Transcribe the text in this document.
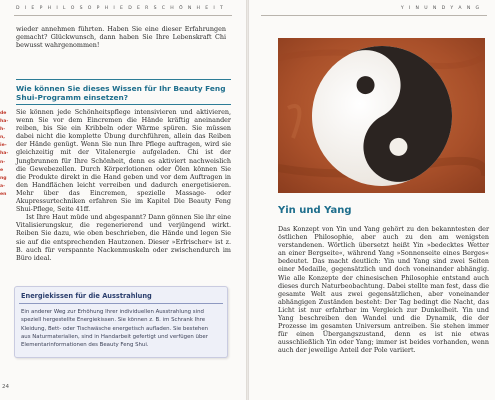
D I E P H I L O S O P H I E D E R S C H Ö N H E I T

wieder annehmen führten. Haben Sie eine dieser Erfahrungen gemacht? Glückwunsch, dann haben Sie Ihre Lebenskraft Chi bewusst wahrgenommen!

Wie können Sie dieses Wissen für Ihr Beauty Feng Shui-Programm einsetzen?
de
ha-
h-
n,
ie-
ha-
n-
e
ng
a-
en

Sie können jede Schönheitspflege intensivieren und aktivieren, wenn Sie vor dem Eincremen die Hände kräftig aneinander reiben, bis Sie ein Kribbeln oder Wärme spüren. Sie müssen dabei nicht die komplette Übung durchführen, allein das Reiben der Hände genügt. Wenn Sie nun Ihre Pflege auftragen, wird sie gleichzeitig mit der Vitalenergie aufgeladen. Chi ist der Jungbrunnen für Ihre Schönheit, denn es aktiviert nachweislich die Gewebezellen. Durch Körperlotionen oder Ölen können Sie die Produkte direkt in die Hand geben und vor dem Auftragen in den Handflächen leicht verreiben und dadurch energetisieren. Mehr über das Eincremen, spezielle Massage- oder Akupressurtechniken erfahren Sie im Kapitel Die Beauty Feng Shui-Pflege, Seite 41ff.

Ist Ihre Haut müde und abgespannt? Dann gönnen Sie ihr eine Vitalisierungskur, die regenerierend und verjüngend wirkt. Reiben Sie dazu, wie oben beschrieben, die Hände und legen Sie sie auf die entsprechenden Hautzonen. Dieser »Erfrischer« ist z. B. auch für verspannte Nackenmuskeln oder zwischendurch im Büro ideal.

Energiekissen für die Ausstrahlung
Ein anderer Weg zur Erhöhung Ihrer individuellen Ausstrahlung sind speziell hergestellte Energiekissen. Sie können z. B. im Schrank Ihre Kleidung, Bett- oder Tischwäsche energetisch aufladen. Sie bestehen aus Naturmaterialien, sind in Handarbeit gefertigt und verfügen über Elementarinformationen des Beauty Feng Shui.
24
Y I N U N D Y A N G
Yin und Yang

Das Konzept von Yin und Yang gehört zu den bekanntesten der östlichen Philosophie, aber auch zu den am wenigsten verstandenen. Wörtlich übersetzt heißt Yin »bedecktes Wetter an einer Bergseite«, während Yang »Sonnenseite eines Berges« bedeutet. Das macht deutlich: Yin und Yang sind zwei Seiten einer Medaille, gegensätzlich und doch voneinander abhängig. Wie alle Konzepte der chinesischen Philosophie entstand auch dieses durch Naturbeobachtung. Dabei stellte man fest, dass die gesamte Welt aus zwei gegensätzlichen, aber voneinander abhängigen Zuständen besteht: Der Tag bedingt die Nacht, das Licht ist nur erfahrbar im Vergleich zur Dunkelheit. Yin und Yang beschreiben den Wandel und die Dynamik, die der Prozesse im gesamten Universum antreiben. Sie stehen immer für einen Übergangszustand, denn es ist nie etwas ausschließlich Yin oder Yang; immer ist beides vorhanden, wenn auch der jeweilige Anteil der Pole variiert.
